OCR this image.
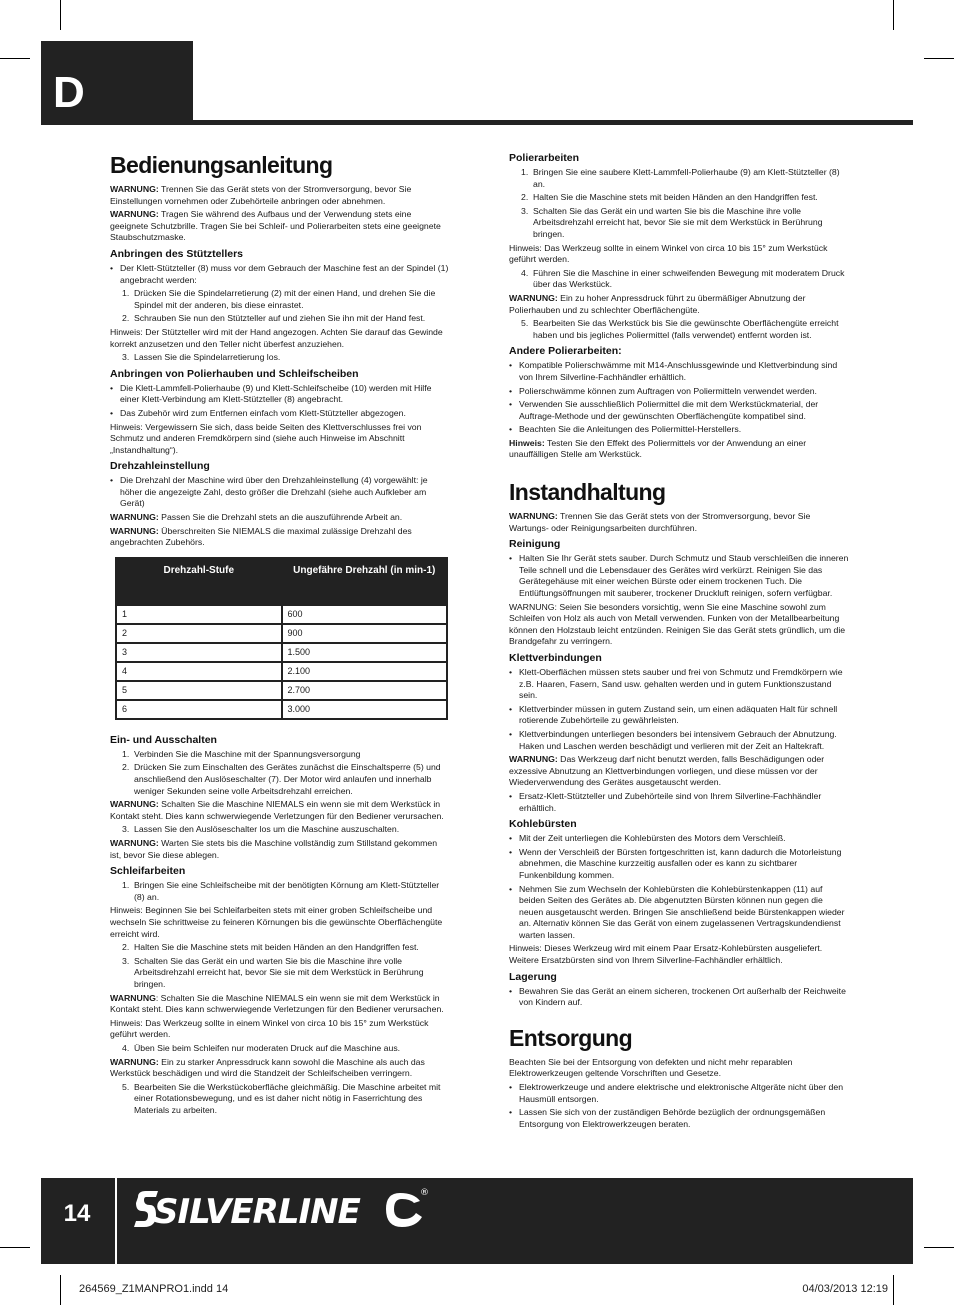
D
Bedienungsanleitung

WARNUNG: Trennen Sie das Gerät stets von der Stromversorgung, bevor Sie Einstellungen vornehmen oder Zubehörteile anbringen oder abnehmen.

WARNUNG: Tragen Sie während des Aufbaus und der Verwendung stets eine geeignete Schutzbrille. Tragen Sie bei Schleif- und Polierarbeiten stets eine geeignete Staubschutzmaske.

Anbringen des Stütztellers
• Der Klett-Stützteller (8) muss vor dem Gebrauch der Maschine fest an der Spindel (1) angebracht werden:
1. Drücken Sie die Spindelarretierung (2) mit der einen Hand, und drehen Sie die Spindel mit der anderen, bis diese einrastet.
2. Schrauben Sie nun den Stützteller auf und ziehen Sie ihn mit der Hand fest.

Hinweis: Der Stützteller wird mit der Hand angezogen. Achten Sie darauf das Gewinde korrekt anzusetzen und den Teller nicht überfest anzuziehen.

3. Lassen Sie die Spindelarretierung los.
Anbringen von Polierhauben und Schleifscheiben
• Die Klett-Lammfell-Polierhaube (9) und Klett-Schleifscheibe (10) werden mit Hilfe einer Klett-Verbindung am Klett-Stützteller (8) angebracht.
• Das Zubehör wird zum Entfernen einfach vom Klett-Stützteller abgezogen.

Hinweis: Vergewissern Sie sich, dass beide Seiten des Klettverschlusses frei von Schmutz und anderen Fremdkörpern sind (siehe auch Hinweise im Abschnitt „Instandhaltung“).

Drehzahleinstellung
• Die Drehzahl der Maschine wird über den Drehzahleinstellung (4) vorgewählt: je höher die angezeigte Zahl, desto größer die Drehzahl (siehe auch Aufkleber am Gerät)

WARNUNG: Passen Sie die Drehzahl stets an die auszuführende Arbeit an.

WARNUNG: Überschreiten Sie NIEMALS die maximal zulässige Drehzahl des angebrachten Zubehörs.

Drehzahl-Stufe	Ungefähre Drehzahl (in min-1)
1	600
2	900
3	1.500
4	2.100
5	2.700
6	3.000
Ein- und Ausschalten
1. Verbinden Sie die Maschine mit der Spannungsversorgung
2. Drücken Sie zum Einschalten des Gerätes zunächst die Einschaltsperre (5) und anschließend den Auslöseschalter (7). Der Motor wird anlaufen und innerhalb weniger Sekunden seine volle Arbeitsdrehzahl erreichen.

WARNUNG: Schalten Sie die Maschine NIEMALS ein wenn sie mit dem Werkstück in Kontakt steht. Dies kann schwerwiegende Verletzungen für den Bediener verursachen.

3. Lassen Sie den Auslöseschalter los um die Maschine auszuschalten.

WARNUNG: Warten Sie stets bis die Maschine vollständig zum Stillstand gekommen ist, bevor Sie diese ablegen.

Schleifarbeiten
1. Bringen Sie eine Schleifscheibe mit der benötigten Körnung am Klett-Stützteller (8) an.

Hinweis: Beginnen Sie bei Schleifarbeiten stets mit einer groben Schleifscheibe und wechseln Sie schrittweise zu feineren Körnungen bis die gewünschte Oberflächengüte erreicht wird.

2. Halten Sie die Maschine stets mit beiden Händen an den Handgriffen fest.
3. Schalten Sie das Gerät ein und warten Sie bis die Maschine ihre volle Arbeitsdrehzahl erreicht hat, bevor Sie sie mit dem Werkstück in Berührung bringen.

WARNUNG: Schalten Sie die Maschine NIEMALS ein wenn sie mit dem Werkstück in Kontakt steht. Dies kann schwerwiegende Verletzungen für den Bediener verursachen.

Hinweis: Das Werkzeug sollte in einem Winkel von circa 10 bis 15° zum Werkstück geführt werden.

4. Üben Sie beim Schleifen nur moderaten Druck auf die Maschine aus.

WARNUNG: Ein zu starker Anpressdruck kann sowohl die Maschine als auch das Werkstück beschädigen und wird die Standzeit der Schleifscheiben verringern.

5. Bearbeiten Sie die Werkstückoberfläche gleichmäßig. Die Maschine arbeitet mit einer Rotationsbewegung, und es ist daher nicht nötig in Faserrichtung des Materials zu arbeiten.
Polierarbeiten
1. Bringen Sie eine saubere Klett-Lammfell-Polierhaube (9) am Klett-Stützteller (8) an.
2. Halten Sie die Maschine stets mit beiden Händen an den Handgriffen fest.
3. Schalten Sie das Gerät ein und warten Sie bis die Maschine ihre volle Arbeitsdrehzahl erreicht hat, bevor Sie sie mit dem Werkstück in Berührung bringen.

Hinweis: Das Werkzeug sollte in einem Winkel von circa 10 bis 15° zum Werkstück geführt werden.

4. Führen Sie die Maschine in einer schweifenden Bewegung mit moderatem Druck über das Werkstück.

WARNUNG: Ein zu hoher Anpressdruck führt zu übermäßiger Abnutzung der Polierhauben und zu schlechter Oberflächengüte.

5. Bearbeiten Sie das Werkstück bis Sie die gewünschte Oberflächengüte erreicht haben und bis jegliches Poliermittel (falls verwendet) entfernt worden ist.
Andere Polierarbeiten:
• Kompatible Polierschwämme mit M14-Anschlussgewinde und Klettverbindung sind von Ihrem Silverline-Fachhändler erhältlich.
• Polierschwämme können zum Auftragen von Poliermitteln verwendet werden.
• Verwenden Sie ausschließlich Poliermittel die mit dem Werkstückmaterial, der Auftrage-Methode und der gewünschten Oberflächengüte kompatibel sind.
• Beachten Sie die Anleitungen des Poliermittel-Herstellers.

Hinweis: Testen Sie den Effekt des Poliermittels vor der Anwendung an einer unauffälligen Stelle am Werkstück.

Instandhaltung

WARNUNG: Trennen Sie das Gerät stets von der Stromversorgung, bevor Sie Wartungs- oder Reinigungsarbeiten durchführen.

Reinigung
• Halten Sie Ihr Gerät stets sauber. Durch Schmutz und Staub verschleißen die inneren Teile schnell und die Lebensdauer des Gerätes wird verkürzt. Reinigen Sie das Gerätegehäuse mit einer weichen Bürste oder einem trockenen Tuch. Die Entlüftungsöffnungen mit sauberer, trockener Druckluft reinigen, sofern verfügbar.

WARNUNG: Seien Sie besonders vorsichtig, wenn Sie eine Maschine sowohl zum Schleifen von Holz als auch von Metall verwenden. Funken von der Metallbearbeitung können den Holzstaub leicht entzünden. Reinigen Sie das Gerät stets gründlich, um die Brandgefahr zu verringern.

Klettverbindungen
• Klett-Oberflächen müssen stets sauber und frei von Schmutz und Fremdkörpern wie z.B. Haaren, Fasern, Sand usw. gehalten werden und in gutem Funktionszustand sein.
• Klettverbinder müssen in gutem Zustand sein, um einen adäquaten Halt für schnell rotierende Zubehörteile zu gewährleisten.
• Klettverbindungen unterliegen besonders bei intensivem Gebrauch der Abnutzung. Haken und Laschen werden beschädigt und verlieren mit der Zeit an Haltekraft.

WARNUNG: Das Werkzeug darf nicht benutzt werden, falls Beschädigungen oder exzessive Abnutzung an Klettverbindungen vorliegen, und diese müssen vor der Wiederverwendung des Gerätes ausgetauscht werden.

• Ersatz-Klett-Stützteller und Zubehörteile sind von Ihrem Silverline-Fachhändler erhältlich.
Kohlebürsten
• Mit der Zeit unterliegen die Kohlebürsten des Motors dem Verschleiß.
• Wenn der Verschleiß der Bürsten fortgeschritten ist, kann dadurch die Motorleistung abnehmen, die Maschine kurzzeitig ausfallen oder es kann zu sichtbarer Funkenbildung kommen.
• Nehmen Sie zum Wechseln der Kohlebürsten die Kohlebürstenkappen (11) auf beiden Seiten des Gerätes ab. Die abgenutzten Bürsten können nun gegen die neuen ausgetauscht werden. Bringen Sie anschließend beide Bürstenkappen wieder an. Alternativ können Sie das Gerät von einem zugelassenen Vertragskundendienst warten lassen.

Hinweis: Dieses Werkzeug wird mit einem Paar Ersatz-Kohlebürsten ausgeliefert. Weitere Ersatzbürsten sind von Ihrem Silverline-Fachhändler erhältlich.

Lagerung
• Bewahren Sie das Gerät an einem sicheren, trockenen Ort außerhalb der Reichweite von Kindern auf.
Entsorgung

Beachten Sie bei der Entsorgung von defekten und nicht mehr reparablen Elektrowerkzeugen geltende Vorschriften und Gesetze.

• Elektrowerkzeuge und andere elektrische und elektronische Altgeräte nicht über den Hausmüll entsorgen.
• Lassen Sie sich von der zuständigen Behörde bezüglich der ordnungsgemäßen Entsorgung von Elektrowerkzeugen beraten.
14	SILVERLINE	®
264569_Z1MANPRO1.indd 14	04/03/2013 12:19
